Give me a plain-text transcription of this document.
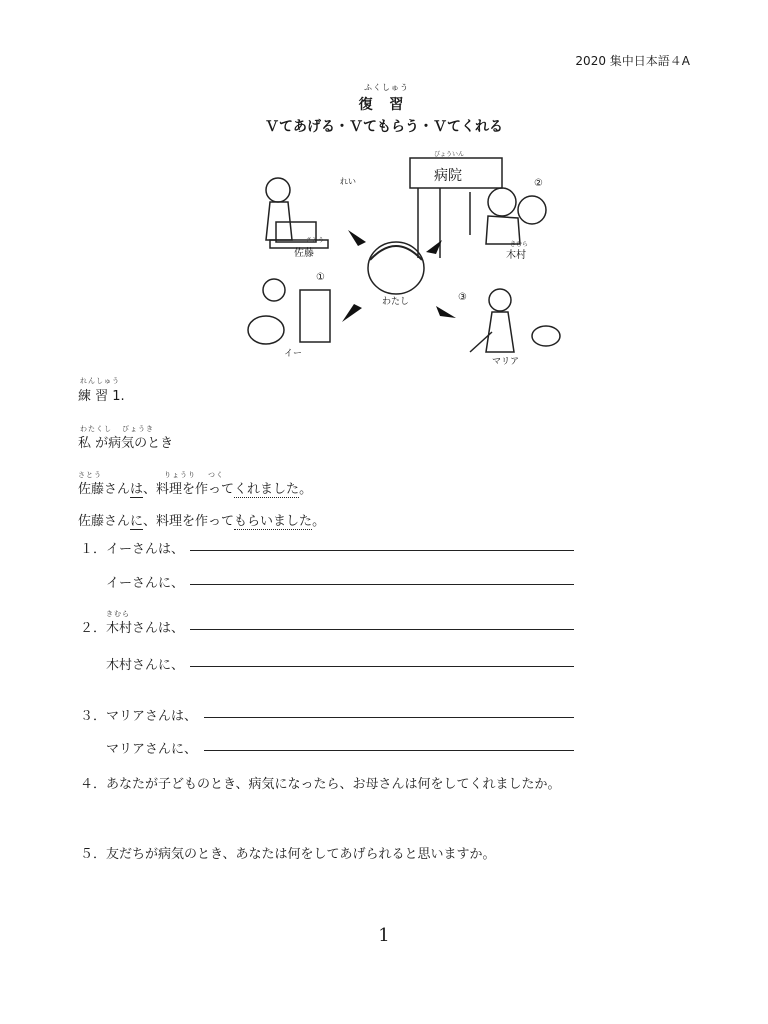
2020 集中日本語４A
ふくしゅう
復 習
Ｖてあげる・Ｖてもらう・Ｖてくれる
病院
びょういん
佐藤
さとう
木村
きむら
イー
マリア
わたし
れい
①
②
③
れんしゅう
練 習 1.
わたくし びょうき
私 が病気のとき
さとう	りょうり つく
佐藤さんは、料理を作ってくれました。
佐藤さんに、料理を作ってもらいました。
１．イーさんは、
イーさんに、
きむら
２．木村さんは、
木村さんに、
３．マリアさんは、
マリアさんに、
４．あなたが子どものとき、病気になったら、お母さんは何をしてくれましたか。
５．友だちが病気のとき、あなたは何をしてあげられると思いますか。
1
